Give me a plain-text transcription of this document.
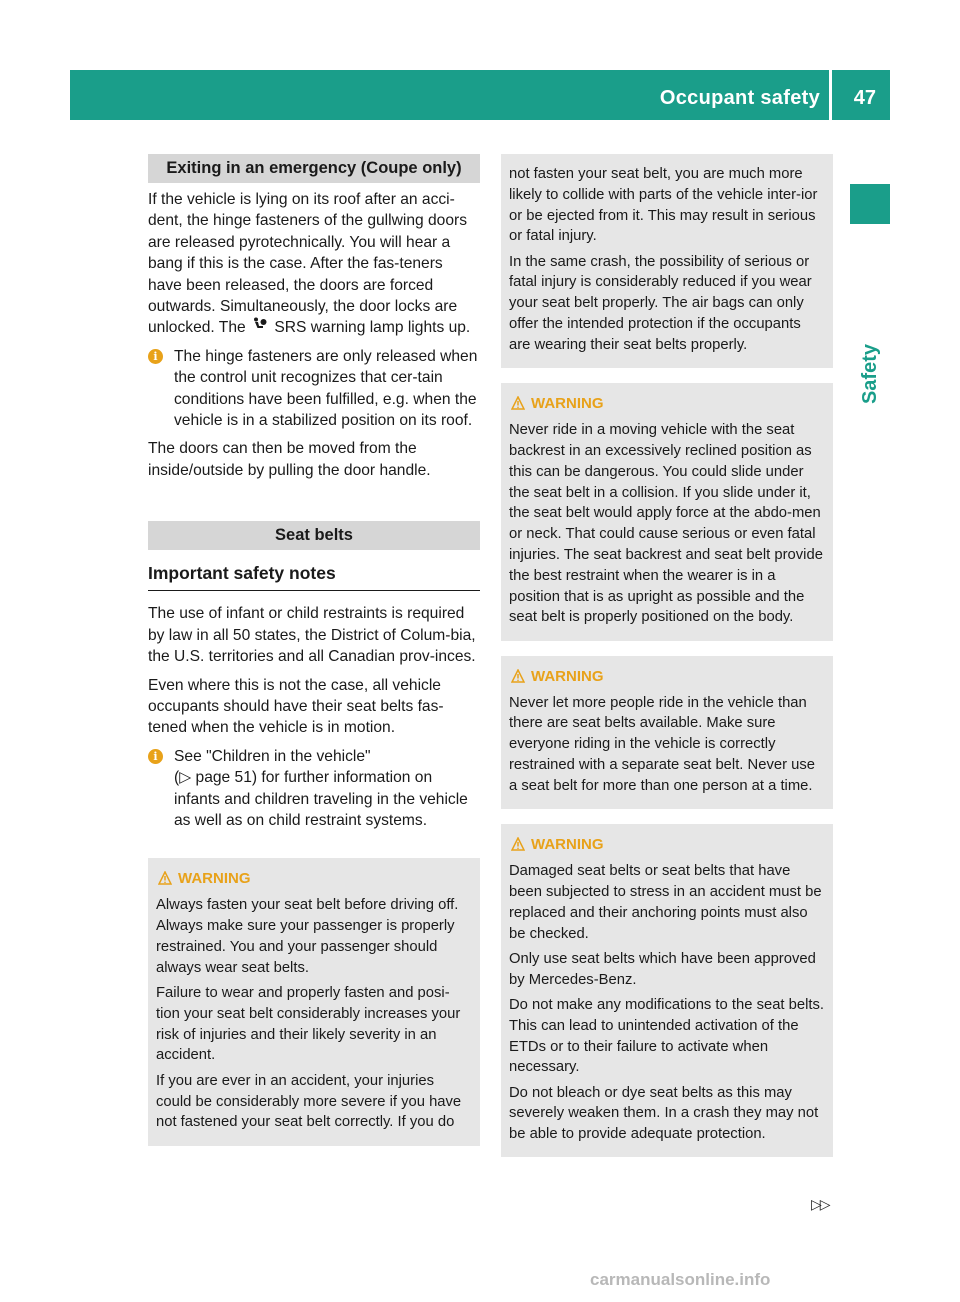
Occupant safety 47
Safety
Exiting in an emergency (Coupe only)

If the vehicle is lying on its roof after an acci-dent, the hinge fasteners of the gullwing doors are released pyrotechnically. You will hear a bang if this is the case. After the fas-teners have been released, the doors are forced outwards. Simultaneously, the door locks are unlocked. The SRS warning lamp lights up.

i	The hinge fasteners are only released when the control unit recognizes that cer-tain conditions have been fulfilled, e.g. when the vehicle is in a stabilized position on its roof.

The doors can then be moved from the inside/outside by pulling the door handle.

Seat belts
Important safety notes

The use of infant or child restraints is required by law in all 50 states, the District of Colum-bia, the U.S. territories and all Canadian prov-inces.

Even where this is not the case, all vehicle occupants should have their seat belts fas-tened when the vehicle is in motion.

i	See "Children in the vehicle"
(▷ page 51) for further information on infants and children traveling in the vehicle as well as on child restraint systems.
WARNING

Always fasten your seat belt before driving off. Always make sure your passenger is properly restrained. You and your passenger should always wear seat belts.

Failure to wear and properly fasten and posi-tion your seat belt considerably increases your risk of injuries and their likely severity in an accident.

If you are ever in an accident, your injuries could be considerably more severe if you have not fastened your seat belt correctly. If you do

not fasten your seat belt, you are much more likely to collide with parts of the vehicle inter-ior or be ejected from it. This may result in serious or fatal injury.

In the same crash, the possibility of serious or fatal injury is considerably reduced if you wear your seat belt properly. The air bags can only offer the intended protection if the occupants are wearing their seat belts properly.

WARNING

Never ride in a moving vehicle with the seat backrest in an excessively reclined position as this can be dangerous. You could slide under the seat belt in a collision. If you slide under it, the seat belt would apply force at the abdo-men or neck. That could cause serious or even fatal injuries. The seat backrest and seat belt provide the best restraint when the wearer is in a position that is as upright as possible and the seat belt is properly positioned on the body.

WARNING

Never let more people ride in the vehicle than there are seat belts available. Make sure everyone riding in the vehicle is correctly restrained with a separate seat belt. Never use a seat belt for more than one person at a time.

WARNING

Damaged seat belts or seat belts that have been subjected to stress in an accident must be replaced and their anchoring points must also be checked.

Only use seat belts which have been approved by Mercedes-Benz.

Do not make any modifications to the seat belts. This can lead to unintended activation of the ETDs or to their failure to activate when necessary.

Do not bleach or dye seat belts as this may severely weaken them. In a crash they may not be able to provide adequate protection.

▷▷
carmanualsonline.info
